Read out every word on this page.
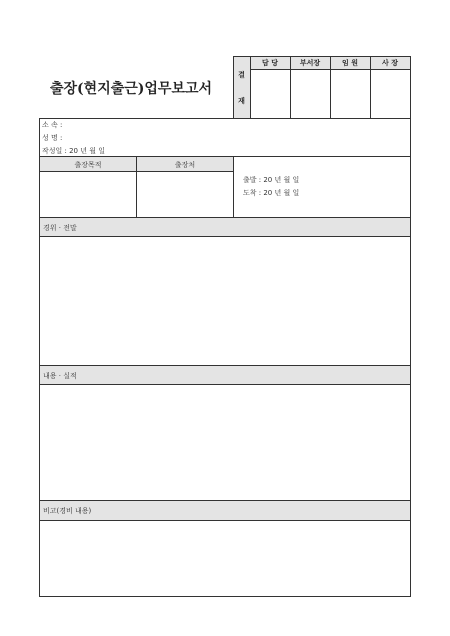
출장(현지출근)업무보고서
결
재
담 당	부서장	임 원	사 장
소 속 :
성 명 :
작성일 : 20 년 월 일
출장목적	출장처
출발 : 20 년 월 일
도착 : 20 년 월 일
경위 · 전말
내용 · 실적
비고(경비 내용)
